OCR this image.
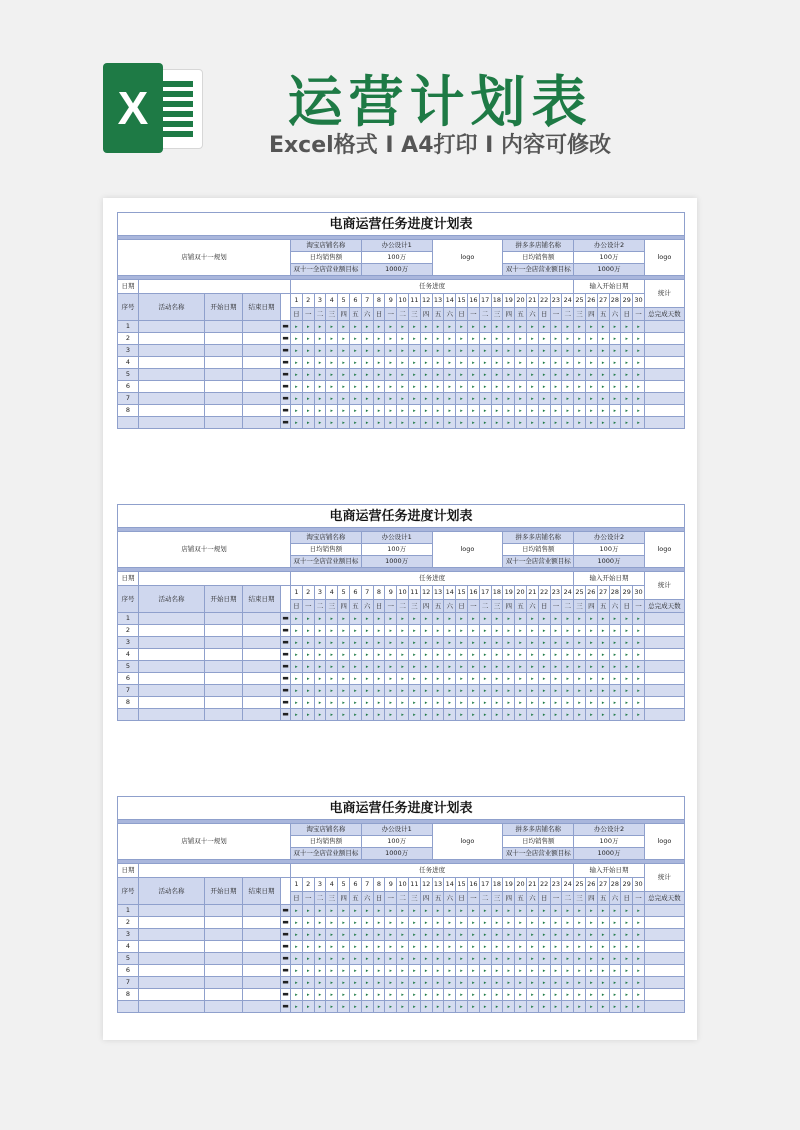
X	运营计划表
Excel格式 I A4打印 I 内容可修改
电商运营任务进度计划表																																			

店铺双十一规划					淘宝店铺名称						办公设计1						logo						拼多多店铺名称						办公设计2						logo
					日均销售额						100万												日均销售额						100万						
					双十一全店营业额目标						1000万												双十一全店营业额目标						1000万						

日期					任务进度																								输入开始日期						统计
序号	活动名称	开始日期	结束日期		1	2	3	4	5	6	7	8	9	10	11	12	13	14	15	16	17	18	19	20	21	22	23	24	25	26	27	28	29	30	
					日	一	二	三	四	五	六	日	一	二	三	四	五	六	日	一	二	三	四	五	六	日	一	二	三	四	五	六	日	一	总完成天数
1				▬	▸	▸	▸	▸	▸	▸	▸	▸	▸	▸	▸	▸	▸	▸	▸	▸	▸	▸	▸	▸	▸	▸	▸	▸	▸	▸	▸	▸	▸	▸	
2				▬	▸	▸	▸	▸	▸	▸	▸	▸	▸	▸	▸	▸	▸	▸	▸	▸	▸	▸	▸	▸	▸	▸	▸	▸	▸	▸	▸	▸	▸	▸	
3				▬	▸	▸	▸	▸	▸	▸	▸	▸	▸	▸	▸	▸	▸	▸	▸	▸	▸	▸	▸	▸	▸	▸	▸	▸	▸	▸	▸	▸	▸	▸	
4				▬	▸	▸	▸	▸	▸	▸	▸	▸	▸	▸	▸	▸	▸	▸	▸	▸	▸	▸	▸	▸	▸	▸	▸	▸	▸	▸	▸	▸	▸	▸	
5				▬	▸	▸	▸	▸	▸	▸	▸	▸	▸	▸	▸	▸	▸	▸	▸	▸	▸	▸	▸	▸	▸	▸	▸	▸	▸	▸	▸	▸	▸	▸	
6				▬	▸	▸	▸	▸	▸	▸	▸	▸	▸	▸	▸	▸	▸	▸	▸	▸	▸	▸	▸	▸	▸	▸	▸	▸	▸	▸	▸	▸	▸	▸	
7				▬	▸	▸	▸	▸	▸	▸	▸	▸	▸	▸	▸	▸	▸	▸	▸	▸	▸	▸	▸	▸	▸	▸	▸	▸	▸	▸	▸	▸	▸	▸	
8				▬	▸	▸	▸	▸	▸	▸	▸	▸	▸	▸	▸	▸	▸	▸	▸	▸	▸	▸	▸	▸	▸	▸	▸	▸	▸	▸	▸	▸	▸	▸	
				▬	▸	▸	▸	▸	▸	▸	▸	▸	▸	▸	▸	▸	▸	▸	▸	▸	▸	▸	▸	▸	▸	▸	▸	▸	▸	▸	▸	▸	▸	▸	
电商运营任务进度计划表																																			

店铺双十一规划					淘宝店铺名称						办公设计1						logo						拼多多店铺名称						办公设计2						logo
					日均销售额						100万												日均销售额						100万						
					双十一全店营业额目标						1000万												双十一全店营业额目标						1000万						

日期					任务进度																								输入开始日期						统计
序号	活动名称	开始日期	结束日期		1	2	3	4	5	6	7	8	9	10	11	12	13	14	15	16	17	18	19	20	21	22	23	24	25	26	27	28	29	30	
					日	一	二	三	四	五	六	日	一	二	三	四	五	六	日	一	二	三	四	五	六	日	一	二	三	四	五	六	日	一	总完成天数
1				▬	▸	▸	▸	▸	▸	▸	▸	▸	▸	▸	▸	▸	▸	▸	▸	▸	▸	▸	▸	▸	▸	▸	▸	▸	▸	▸	▸	▸	▸	▸	
2				▬	▸	▸	▸	▸	▸	▸	▸	▸	▸	▸	▸	▸	▸	▸	▸	▸	▸	▸	▸	▸	▸	▸	▸	▸	▸	▸	▸	▸	▸	▸	
3				▬	▸	▸	▸	▸	▸	▸	▸	▸	▸	▸	▸	▸	▸	▸	▸	▸	▸	▸	▸	▸	▸	▸	▸	▸	▸	▸	▸	▸	▸	▸	
4				▬	▸	▸	▸	▸	▸	▸	▸	▸	▸	▸	▸	▸	▸	▸	▸	▸	▸	▸	▸	▸	▸	▸	▸	▸	▸	▸	▸	▸	▸	▸	
5				▬	▸	▸	▸	▸	▸	▸	▸	▸	▸	▸	▸	▸	▸	▸	▸	▸	▸	▸	▸	▸	▸	▸	▸	▸	▸	▸	▸	▸	▸	▸	
6				▬	▸	▸	▸	▸	▸	▸	▸	▸	▸	▸	▸	▸	▸	▸	▸	▸	▸	▸	▸	▸	▸	▸	▸	▸	▸	▸	▸	▸	▸	▸	
7				▬	▸	▸	▸	▸	▸	▸	▸	▸	▸	▸	▸	▸	▸	▸	▸	▸	▸	▸	▸	▸	▸	▸	▸	▸	▸	▸	▸	▸	▸	▸	
8				▬	▸	▸	▸	▸	▸	▸	▸	▸	▸	▸	▸	▸	▸	▸	▸	▸	▸	▸	▸	▸	▸	▸	▸	▸	▸	▸	▸	▸	▸	▸	
				▬	▸	▸	▸	▸	▸	▸	▸	▸	▸	▸	▸	▸	▸	▸	▸	▸	▸	▸	▸	▸	▸	▸	▸	▸	▸	▸	▸	▸	▸	▸	
电商运营任务进度计划表																																			

店铺双十一规划					淘宝店铺名称						办公设计1						logo						拼多多店铺名称						办公设计2						logo
					日均销售额						100万												日均销售额						100万						
					双十一全店营业额目标						1000万												双十一全店营业额目标						1000万						

日期					任务进度																								输入开始日期						统计
序号	活动名称	开始日期	结束日期		1	2	3	4	5	6	7	8	9	10	11	12	13	14	15	16	17	18	19	20	21	22	23	24	25	26	27	28	29	30	
					日	一	二	三	四	五	六	日	一	二	三	四	五	六	日	一	二	三	四	五	六	日	一	二	三	四	五	六	日	一	总完成天数
1				▬	▸	▸	▸	▸	▸	▸	▸	▸	▸	▸	▸	▸	▸	▸	▸	▸	▸	▸	▸	▸	▸	▸	▸	▸	▸	▸	▸	▸	▸	▸	
2				▬	▸	▸	▸	▸	▸	▸	▸	▸	▸	▸	▸	▸	▸	▸	▸	▸	▸	▸	▸	▸	▸	▸	▸	▸	▸	▸	▸	▸	▸	▸	
3				▬	▸	▸	▸	▸	▸	▸	▸	▸	▸	▸	▸	▸	▸	▸	▸	▸	▸	▸	▸	▸	▸	▸	▸	▸	▸	▸	▸	▸	▸	▸	
4				▬	▸	▸	▸	▸	▸	▸	▸	▸	▸	▸	▸	▸	▸	▸	▸	▸	▸	▸	▸	▸	▸	▸	▸	▸	▸	▸	▸	▸	▸	▸	
5				▬	▸	▸	▸	▸	▸	▸	▸	▸	▸	▸	▸	▸	▸	▸	▸	▸	▸	▸	▸	▸	▸	▸	▸	▸	▸	▸	▸	▸	▸	▸	
6				▬	▸	▸	▸	▸	▸	▸	▸	▸	▸	▸	▸	▸	▸	▸	▸	▸	▸	▸	▸	▸	▸	▸	▸	▸	▸	▸	▸	▸	▸	▸	
7				▬	▸	▸	▸	▸	▸	▸	▸	▸	▸	▸	▸	▸	▸	▸	▸	▸	▸	▸	▸	▸	▸	▸	▸	▸	▸	▸	▸	▸	▸	▸	
8				▬	▸	▸	▸	▸	▸	▸	▸	▸	▸	▸	▸	▸	▸	▸	▸	▸	▸	▸	▸	▸	▸	▸	▸	▸	▸	▸	▸	▸	▸	▸	
				▬	▸	▸	▸	▸	▸	▸	▸	▸	▸	▸	▸	▸	▸	▸	▸	▸	▸	▸	▸	▸	▸	▸	▸	▸	▸	▸	▸	▸	▸	▸	
